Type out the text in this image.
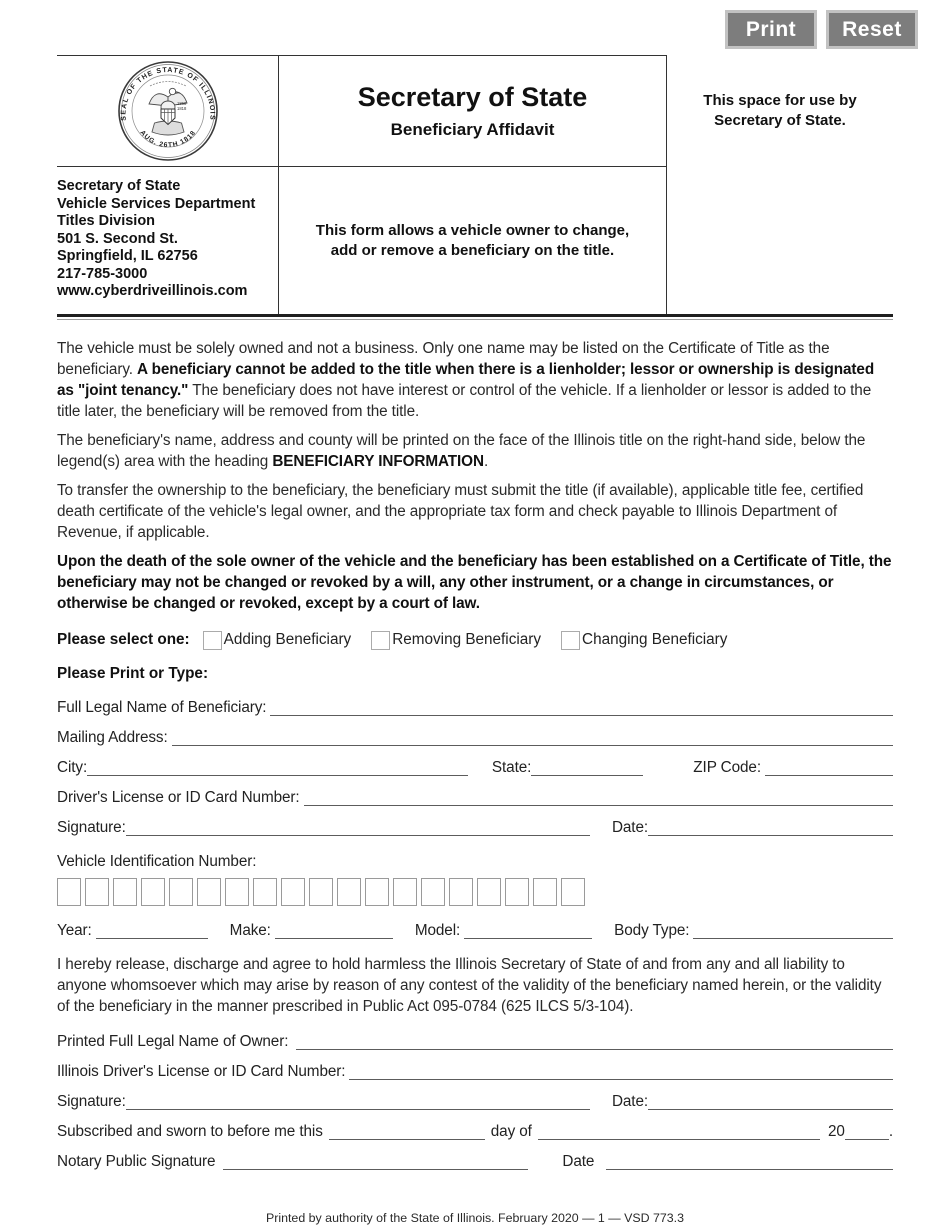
Print	Reset
SEAL OF THE STATE OF ILLINOIS
AUG. 26TH 1818
1868
1818	Secretary of State
Beneficiary Affidavit
This space for use by
Secretary of State.
Secretary of State
Vehicle Services Department
Titles Division
501 S. Second St.
Springfield, IL 62756
217-785-3000
www.cyberdriveillinois.com
This form allows a vehicle owner to change,
add or remove a beneficiary on the title.
The vehicle must be solely owned and not a business. Only one name may be listed on the Certificate of Title as the beneficiary. A beneficiary cannot be added to the title when there is a lienholder; lessor or ownership is designated as "joint tenancy." The beneficiary does not have interest or control of the vehicle. If a lienholder or lessor is added to the title later, the beneficiary will be removed from the title.
The beneficiary's name, address and county will be printed on the face of the Illinois title on the right-hand side, below the legend(s) area with the heading BENEFICIARY INFORMATION.
To transfer the ownership to the beneficiary, the beneficiary must submit the title (if available), applicable title fee, certified death certificate of the vehicle's legal owner, and the appropriate tax form and check payable to Illinois Department of Revenue, if applicable.
Upon the death of the sole owner of the vehicle and the beneficiary has been established on a Certificate of Title, the beneficiary may not be changed or revoked by a will, any other instrument, or a change in circumstances, or otherwise be changed or revoked, except by a court of law.
Please select one: Adding Beneficiary	Removing Beneficiary	Changing Beneficiary
Please Print or Type:
Full Legal Name of Beneficiary:
Mailing Address:
City:	State:	ZIP Code:
Driver's License or ID Card Number:
Signature:	Date:
Vehicle Identification Number:
Year:	Make:	Model:	Body Type:
I hereby release, discharge and agree to hold harmless the Illinois Secretary of State of and from any and all liability to anyone whomsoever which may arise by reason of any contest of the validity of the beneficiary named herein, or the validity of the beneficiary in the manner prescribed in Public Act 095-0784 (625 ILCS 5/3-104).
Printed Full Legal Name of Owner:
Illinois Driver's License or ID Card Number:
Signature:	Date:
Subscribed and sworn to before me this	day of	20	.
Notary Public Signature	Date
Printed by authority of the State of Illinois. February 2020 — 1 — VSD 773.3
